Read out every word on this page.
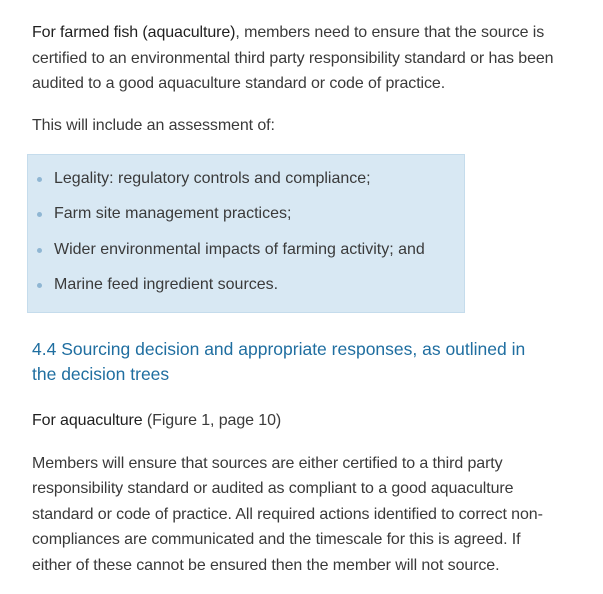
For farmed fish (aquaculture), members need to ensure that the source is certified to an environmental third party responsibility standard or has been audited to a good aquaculture standard or code of practice.

This will include an assessment of:

Legality: regulatory controls and compliance;
Farm site management practices;
Wider environmental impacts of farming activity; and
Marine feed ingredient sources.
4.4 Sourcing decision and appropriate responses, as outlined in the decision trees

For aquaculture (Figure 1, page 10)

Members will ensure that sources are either certified to a third party responsibility standard or audited as compliant to a good aquaculture standard or code of practice. All required actions identified to correct non-compliances are communicated and the timescale for this is agreed. If either of these cannot be ensured then the member will not source.
